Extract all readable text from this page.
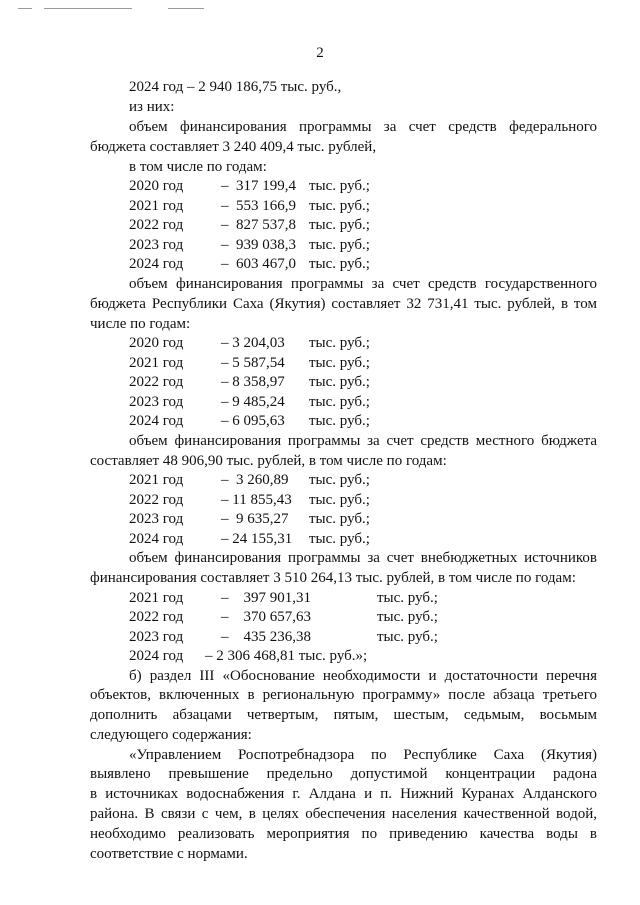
2
2024 год – 2 940 186,75 тыс. руб.,
из них:
объем финансирования программы за счет средств федерального
бюджета составляет 3 240 409,4 тыс. рублей,
в том числе по годам:
2020 год	–  317 199,4 тыс. руб.;
2021 год	–  553 166,9 тыс. руб.;
2022 год	–  827 537,8 тыс. руб.;
2023 год	–  939 038,3 тыс. руб.;
2024 год	–  603 467,0 тыс. руб.;
объем финансирования программы за счет средств государственного
бюджета Республики Саха (Якутия) составляет 32 731,41 тыс. рублей, в том
числе по годам:
2020 год	– 3 204,03 тыс. руб.;
2021 год	– 5 587,54 тыс. руб.;
2022 год	– 8 358,97 тыс. руб.;
2023 год	– 9 485,24 тыс. руб.;
2024 год	– 6 095,63 тыс. руб.;
объем финансирования программы за счет средств местного бюджета
составляет 48 906,90 тыс. рублей, в том числе по годам:
2021 год	–  3 260,89 тыс. руб.;
2022 год	– 11 855,43 тыс. руб.;
2023 год	–  9 635,27 тыс. руб.;
2024 год	– 24 155,31 тыс. руб.;
объем финансирования программы за счет внебюджетных источников
финансирования составляет 3 510 264,13 тыс. рублей, в том числе по годам:
2021 год	–    397 901,31	тыс. руб.;
2022 год	–    370 657,63	тыс. руб.;
2023 год	–    435 236,38	тыс. руб.;
2024 год – 2 306 468,81 тыс. руб.»;
б) раздел III «Обоснование необходимости и достаточности перечня
объектов, включенных в региональную программу» после абзаца третьего
дополнить абзацами четвертым, пятым, шестым, седьмым, восьмым
следующего содержания:
«Управлением Роспотребнадзора по Республике Саха (Якутия)
выявлено превышение предельно допустимой концентрации радона
в источниках водоснабжения г. Алдана и п. Нижний Куранах Алданского
района. В связи с чем, в целях обеспечения населения качественной водой,
необходимо реализовать мероприятия по приведению качества воды в
соответствие с нормами.
